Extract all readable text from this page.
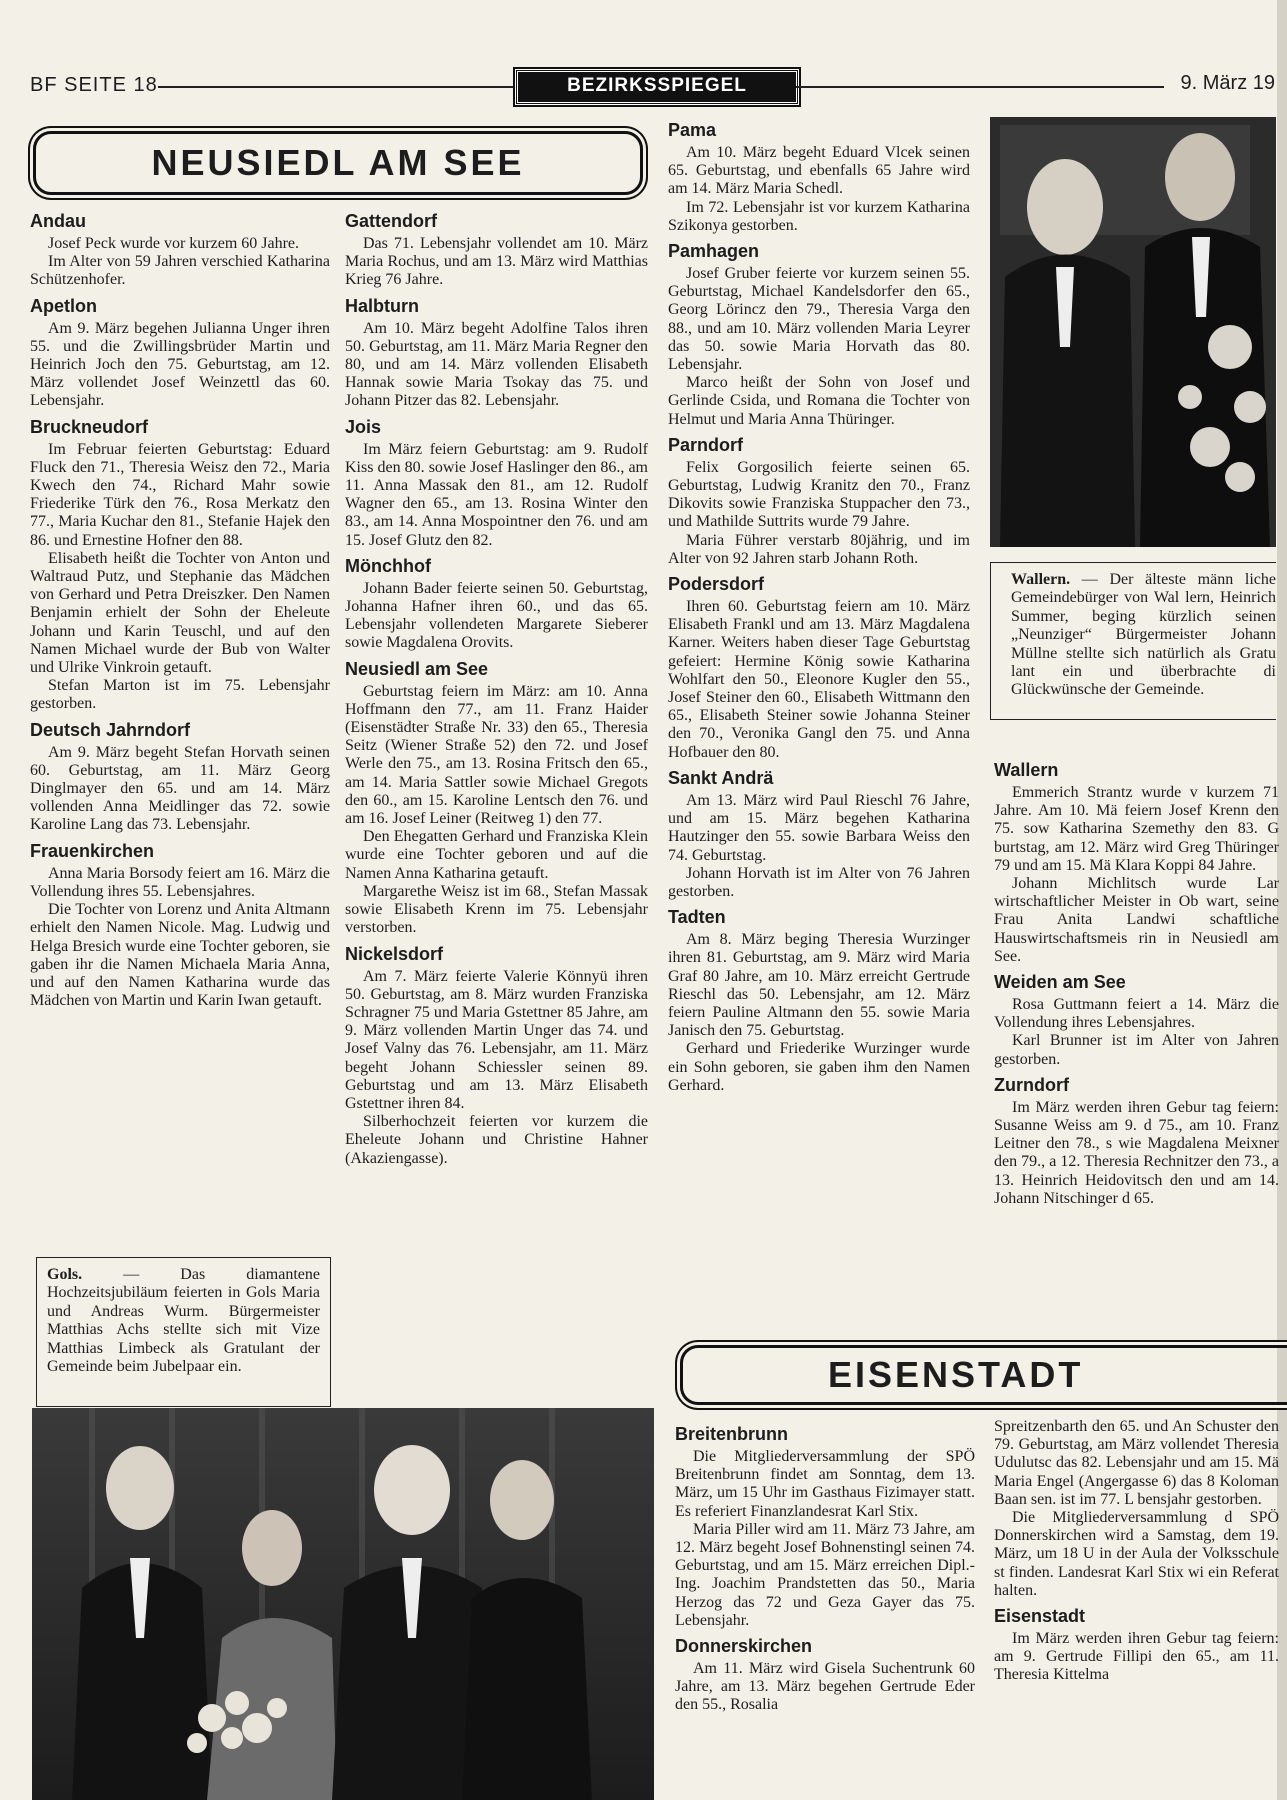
BF SEITE 18	BEZIRKSSPIEGEL	9. März 19
NEUSIEDL AM SEE
Andau

Josef Peck wurde vor kurzem 60 Jahre.

Im Alter von 59 Jahren verschied Katharina Schützenhofer.

Apetlon

Am 9. März begehen Julianna Unger ihren 55. und die Zwillingsbrüder Martin und Heinrich Joch den 75. Geburtstag, am 12. März vollendet Josef Weinzettl das 60. Lebensjahr.

Bruckneudorf

Im Februar feierten Geburtstag: Eduard Fluck den 71., Theresia Weisz den 72., Maria Kwech den 74., Richard Mahr sowie Friederike Türk den 76., Rosa Merkatz den 77., Maria Kuchar den 81., Stefanie Hajek den 86. und Ernestine Hofner den 88.

Elisabeth heißt die Tochter von Anton und Waltraud Putz, und Stephanie das Mädchen von Gerhard und Petra Dreiszker. Den Namen Benjamin erhielt der Sohn der Eheleute Johann und Karin Teuschl, und auf den Namen Michael wurde der Bub von Walter und Ulrike Vinkroin getauft.

Stefan Marton ist im 75. Lebensjahr gestorben.

Deutsch Jahrndorf

Am 9. März begeht Stefan Horvath seinen 60. Geburtstag, am 11. März Georg Dinglmayer den 65. und am 14. März vollenden Anna Meidlinger das 72. sowie Karoline Lang das 73. Lebensjahr.

Frauenkirchen

Anna Maria Borsody feiert am 16. März die Vollendung ihres 55. Lebensjahres.

Die Tochter von Lorenz und Anita Altmann erhielt den Namen Nicole. Mag. Ludwig und Helga Bresich wurde eine Tochter geboren, sie gaben ihr die Namen Michaela Maria Anna, und auf den Namen Katharina wurde das Mädchen von Martin und Karin Iwan getauft.

Gattendorf

Das 71. Lebensjahr vollendet am 10. März Maria Rochus, und am 13. März wird Matthias Krieg 76 Jahre.

Halbturn

Am 10. März begeht Adolfine Talos ihren 50. Geburtstag, am 11. März Maria Regner den 80, und am 14. März vollenden Elisabeth Hannak sowie Maria Tsokay das 75. und Johann Pitzer das 82. Lebensjahr.

Jois

Im März feiern Geburtstag: am 9. Rudolf Kiss den 80. sowie Josef Haslinger den 86., am 11. Anna Massak den 81., am 12. Rudolf Wagner den 65., am 13. Rosina Winter den 83., am 14. Anna Mospointner den 76. und am 15. Josef Glutz den 82.

Mönchhof

Johann Bader feierte seinen 50. Geburtstag, Johanna Hafner ihren 60., und das 65. Lebensjahr vollendeten Margarete Sieberer sowie Magdalena Orovits.

Neusiedl am See

Geburtstag feiern im März: am 10. Anna Hoffmann den 77., am 11. Franz Haider (Eisenstädter Straße Nr. 33) den 65., Theresia Seitz (Wiener Straße 52) den 72. und Josef Werle den 75., am 13. Rosina Fritsch den 65., am 14. Maria Sattler sowie Michael Gregots den 60., am 15. Karoline Lentsch den 76. und am 16. Josef Leiner (Reitweg 1) den 77.

Den Ehegatten Gerhard und Franziska Klein wurde eine Tochter geboren und auf die Namen Anna Katharina getauft.

Margarethe Weisz ist im 68., Stefan Massak sowie Elisabeth Krenn im 75. Lebensjahr verstorben.

Nickelsdorf

Am 7. März feierte Valerie Könnyü ihren 50. Geburtstag, am 8. März wurden Franziska Schragner 75 und Maria Gstettner 85 Jahre, am 9. März vollenden Martin Unger das 74. und Josef Valny das 76. Lebensjahr, am 11. März begeht Johann Schiessler seinen 89. Geburtstag und am 13. März Elisabeth Gstettner ihren 84.

Silberhochzeit feierten vor kurzem die Eheleute Johann und Christine Hahner (Akaziengasse).

Pama

Am 10. März begeht Eduard Vlcek seinen 65. Geburtstag, und ebenfalls 65 Jahre wird am 14. März Maria Schedl.

Im 72. Lebensjahr ist vor kurzem Katharina Szikonya gestorben.

Pamhagen

Josef Gruber feierte vor kurzem seinen 55. Geburtstag, Michael Kandelsdorfer den 65., Georg Lörincz den 79., Theresia Varga den 88., und am 10. März vollenden Maria Leyrer das 50. sowie Maria Horvath das 80. Lebensjahr.

Marco heißt der Sohn von Josef und Gerlinde Csida, und Romana die Tochter von Helmut und Maria Anna Thüringer.

Parndorf

Felix Gorgosilich feierte seinen 65. Geburtstag, Ludwig Kranitz den 70., Franz Dikovits sowie Franziska Stuppacher den 73., und Mathilde Suttrits wurde 79 Jahre.

Maria Führer verstarb 80jährig, und im Alter von 92 Jahren starb Johann Roth.

Podersdorf

Ihren 60. Geburtstag feiern am 10. März Elisabeth Frankl und am 13. März Magdalena Karner. Weiters haben dieser Tage Geburtstag gefeiert: Hermine König sowie Katharina Wohlfart den 50., Eleonore Kugler den 55., Josef Steiner den 60., Elisabeth Wittmann den 65., Elisabeth Steiner sowie Johanna Steiner den 70., Veronika Gangl den 75. und Anna Hofbauer den 80.

Sankt Andrä

Am 13. März wird Paul Rieschl 76 Jahre, und am 15. März begehen Katharina Hautzinger den 55. sowie Barbara Weiss den 74. Geburtstag.

Johann Horvath ist im Alter von 76 Jahren gestorben.

Tadten

Am 8. März beging Theresia Wurzinger ihren 81. Geburtstag, am 9. März wird Maria Graf 80 Jahre, am 10. März erreicht Gertrude Rieschl das 50. Lebensjahr, am 12. März feiern Pauline Altmann den 55. sowie Maria Janisch den 75. Geburtstag.

Gerhard und Friederike Wurzinger wurde ein Sohn geboren, sie gaben ihm den Namen Gerhard.

Wallern

Emmerich Strantz wurde v kurzem 71 Jahre. Am 10. Mä feiern Josef Krenn den 75. sow Katharina Szemethy den 83. G burtstag, am 12. März wird Greg Thüringer 79 und am 15. Mä Klara Koppi 84 Jahre.

Johann Michlitsch wurde Lar wirtschaftlicher Meister in Ob wart, seine Frau Anita Landwi schaftliche Hauswirtschaftsmeis rin in Neusiedl am See.

Weiden am See

Rosa Guttmann feiert a 14. März die Vollendung ihres Lebensjahres.

Karl Brunner ist im Alter von Jahren gestorben.

Zurndorf

Im März werden ihren Gebur tag feiern: Susanne Weiss am 9. d 75., am 10. Franz Leitner den 78., s wie Magdalena Meixner den 79., a 12. Theresia Rechnitzer den 73., a 13. Heinrich Heidovitsch den und am 14. Johann Nitschinger d 65.

Breitenbrunn

Die Mitgliederversammlung der SPÖ Breitenbrunn findet am Sonntag, dem 13. März, um 15 Uhr im Gasthaus Fizimayer statt. Es referiert Finanzlandesrat Karl Stix.

Maria Piller wird am 11. März 73 Jahre, am 12. März begeht Josef Bohnenstingl seinen 74. Geburtstag, und am 15. März erreichen Dipl.-Ing. Joachim Prandstetten das 50., Maria Herzog das 72 und Geza Gayer das 75. Lebensjahr.

Donnerskirchen

Am 11. März wird Gisela Suchentrunk 60 Jahre, am 13. März begehen Gertrude Eder den 55., Rosalia

Spreitzenbarth den 65. und An Schuster den 79. Geburtstag, am März vollendet Theresia Udulutsc das 82. Lebensjahr und am 15. Mä Maria Engel (Angergasse 6) das 8 Koloman Baan sen. ist im 77. L bensjahr gestorben.

Die Mitgliederversammlung d SPÖ Donnerskirchen wird a Samstag, dem 19. März, um 18 U in der Aula der Volksschule st finden. Landesrat Karl Stix wi ein Referat halten.

Eisenstadt

Im März werden ihren Gebur tag feiern: am 9. Gertrude Fillipi den 65., am 11. Theresia Kittelma

Gols. — Das diamantene Hochzeitsjubiläum feierten in Gols Maria und Andreas Wurm. Bürgermeister Matthias Achs stellte sich mit Vize Matthias Limbeck als Gratulant der Gemeinde beim Jubelpaar ein.

Wallern. — Der älteste männ liche Gemeindebürger von Wal lern, Heinrich Summer, beging kürzlich seinen „Neunziger“ Bürgermeister Johann Müllne stellte sich natürlich als Gratu lant ein und überbrachte di Glückwünsche der Gemeinde.

EISENSTADT
